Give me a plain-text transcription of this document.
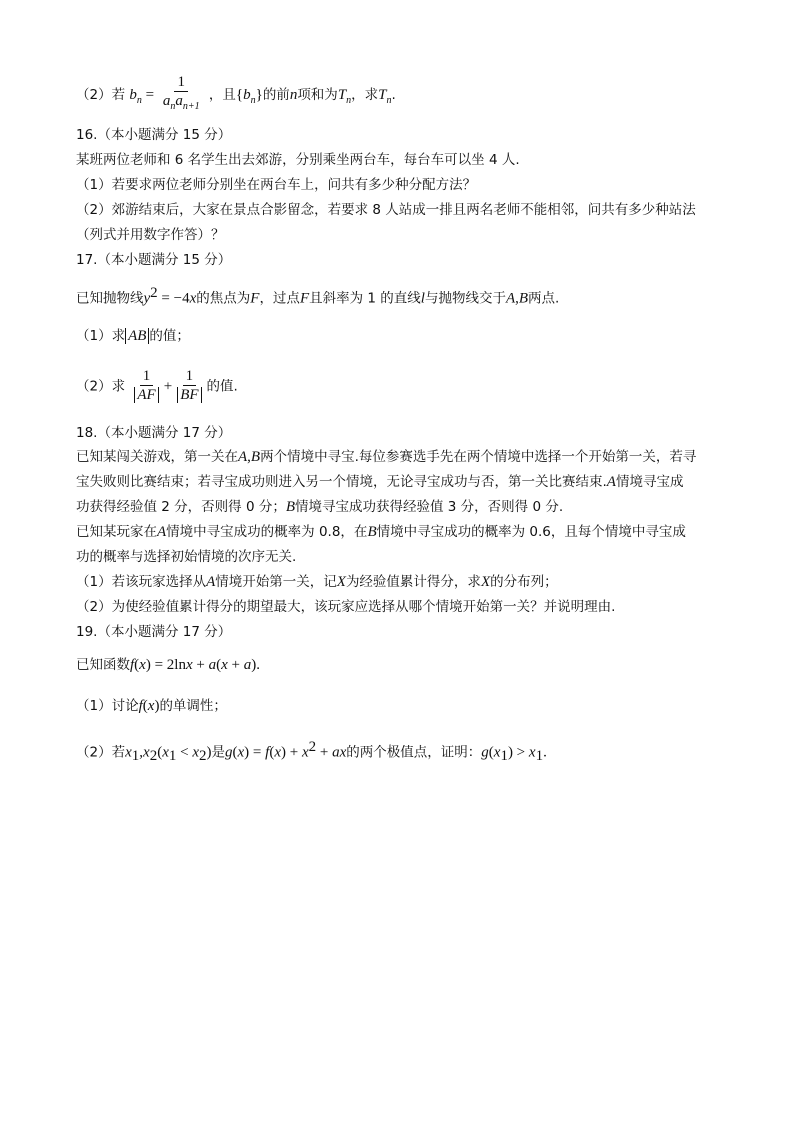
（2）若 $b_n = \frac{1}{a_na_{n+1}}$ ，且$\{b_n\}$的前n项和为$T_n$，求$T_n$.
16.（本小题满分 15 分）
某班两位老师和 6 名学生出去郊游，分别乘坐两台车，每台车可以坐 4 人.
（1）若要求两位老师分别坐在两台车上，问共有多少种分配方法？
（2）郊游结束后，大家在景点合影留念，若要求 8 人站成一排且两名老师不能相邻，问共有多少种站法
（列式并用数字作答）？
17.（本小题满分 15 分）
已知抛物线$y^2 = -4x$的焦点为F，过点F且斜率为 1 的直线l与抛物线交于A,B两点.
（1）求 AB 的值；
（2）求 $\frac{1}{AF} + \frac{1}{BF}$ 的值.
18.（本小题满分 17 分）
已知某闯关游戏，第一关在A,B两个情境中寻宝.每位参赛选手先在两个情境中选择一个开始第一关，若寻
宝失败则比赛结束；若寻宝成功则进入另一个情境，无论寻宝成功与否，第一关比赛结束.A情境寻宝成
功获得经验值 2 分，否则得 0 分；B情境寻宝成功获得经验值 3 分，否则得 0 分.
已知某玩家在A情境中寻宝成功的概率为 0.8，在B情境中寻宝成功的概率为 0.6，且每个情境中寻宝成
功的概率与选择初始情境的次序无关.
（1）若该玩家选择从A情境开始第一关，记X为经验值累计得分，求X的分布列；
（2）为使经验值累计得分的期望最大，该玩家应选择从哪个情境开始第一关？并说明理由.
19.（本小题满分 17 分）
已知函数f(x) = 2lnx + a(x + a).
（1）讨论f(x)的单调性；
（2）若$x_1,x_2(x_1 < x_2)$是$g(x) = f(x) + x^2$ + ax的两个极值点，证明：$g(x_1) > x_1$.
